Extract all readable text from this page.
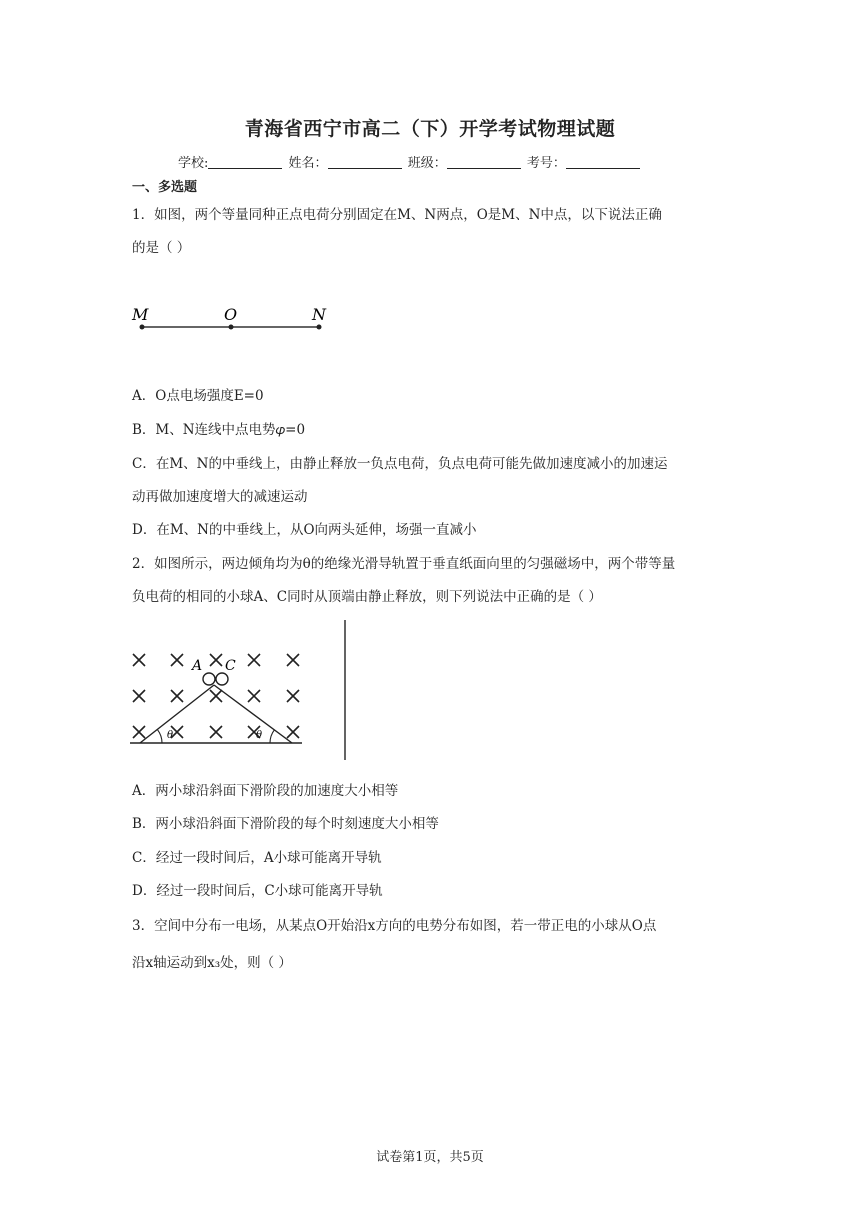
青海省西宁市高二（下）开学考试物理试题
学校:	姓名：	班级：	考号：
一、多选题
1．如图，两个等量同种正点电荷分别固定在M、N两点，O是M、N中点，以下说法正确
的是（ ）
M	O	N
A．O点电场强度E=0
B．M、N连线中点电势𝜑=0
C．在M、N的中垂线上，由静止释放一负点电荷，负点电荷可能先做加速度减小的加速运
动再做加速度增大的减速运动
D．在M、N的中垂线上，从O向两头延伸，场强一直减小
2．如图所示，两边倾角均为θ的绝缘光滑导轨置于垂直纸面向里的匀强磁场中，两个带等量
负电荷的相同的小球A、C同时从顶端由静止释放，则下列说法中正确的是（ ）
θ	θ
A C
A．两小球沿斜面下滑阶段的加速度大小相等
B．两小球沿斜面下滑阶段的每个时刻速度大小相等
C．经过一段时间后，A小球可能离开导轨
D．经过一段时间后，C小球可能离开导轨
3．空间中分布一电场，从某点O开始沿x方向的电势分布如图，若一带正电的小球从O点
沿x轴运动到x₃处，则（ ）
试卷第1页，共5页
